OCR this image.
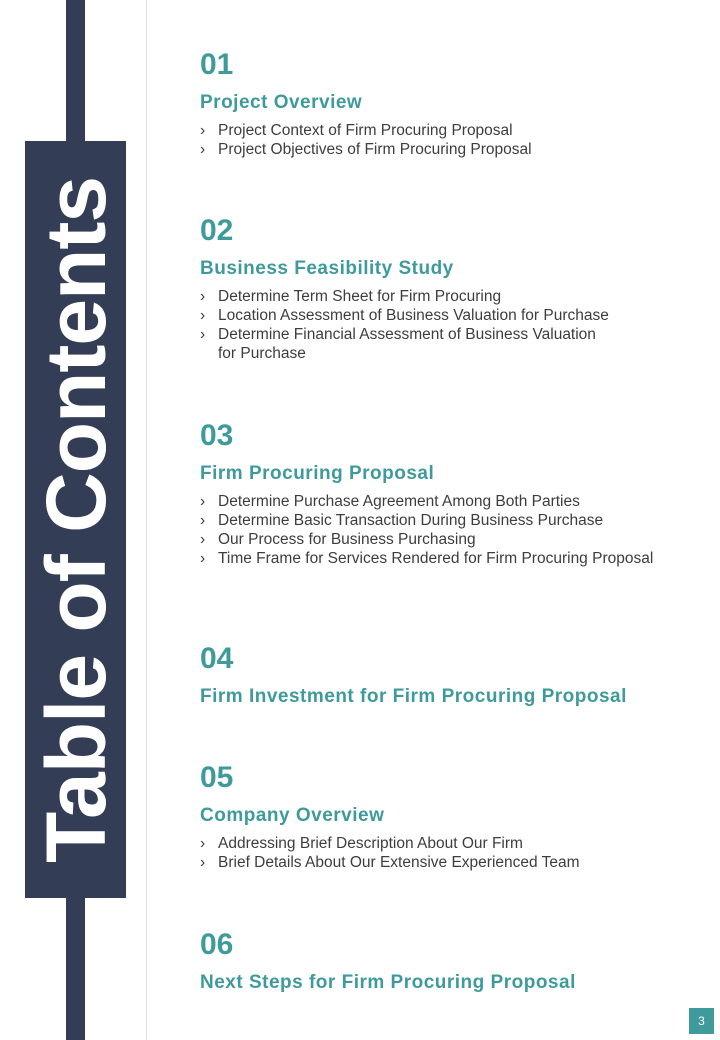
Table of Contents
01
Project Overview
› Project Context of Firm Procuring Proposal
› Project Objectives of Firm Procuring Proposal
02
Business Feasibility Study
› Determine Term Sheet for Firm Procuring
› Location Assessment of Business Valuation for Purchase
› Determine Financial Assessment of Business Valuation for Purchase
03
Firm Procuring Proposal
› Determine Purchase Agreement Among Both Parties
› Determine Basic Transaction During Business Purchase
› Our Process for Business Purchasing
› Time Frame for Services Rendered for Firm Procuring Proposal
04
Firm Investment for Firm Procuring Proposal
05
Company Overview
› Addressing Brief Description About Our Firm
› Brief Details About Our Extensive Experienced Team
06
Next Steps for Firm Procuring Proposal
3
